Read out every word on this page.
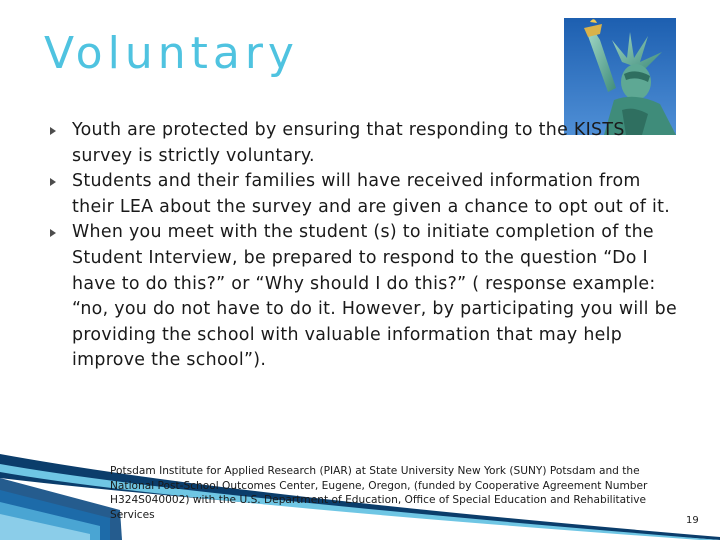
Voluntary
Youth are protected by ensuring that responding to the KISTS survey is strictly voluntary.
Students and their families will have received information from their LEA about the survey and are given a chance to opt out of it.
When you meet with the student (s) to initiate completion of the Student Interview, be prepared to respond to the question “Do I have to do this?” or “Why should I do this?” ( response example: “no, you do not have to do it. However, by participating you will be providing the school with valuable information that may help improve the school”).
Potsdam Institute for Applied Research (PIAR) at State University New York (SUNY) Potsdam and the National Post-School Outcomes Center, Eugene, Oregon, (funded by Cooperative Agreement Number H324S040002) with the U.S. Department of Education, Office of Special Education and Rehabilitative Services	19
